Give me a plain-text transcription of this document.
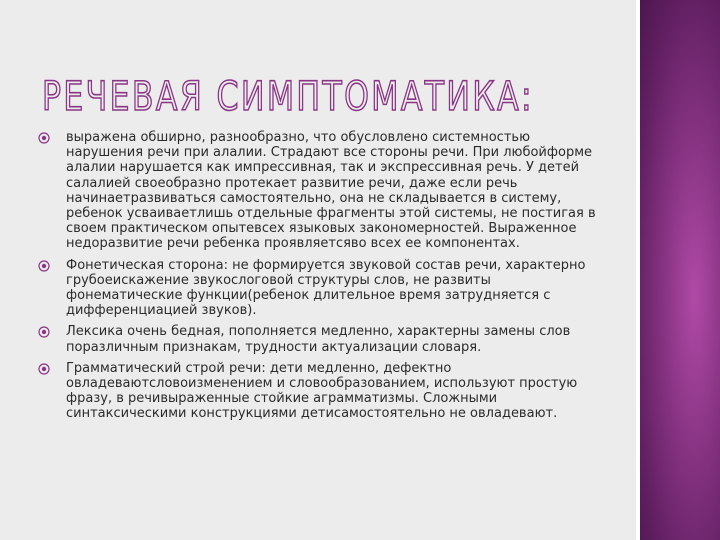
РЕЧЕВАЯ СИМПТОМАТИКА:
выражена обширно, разнообразно, что обусловлено системностью нарушения речи при алалии. Страдают все стороны речи. При любойформе алалии нарушается как импрессивная, так и экспрессивная речь. У детей салалией своеобразно протекает развитие речи, даже если речь начинаетразвиваться самостоятельно, она не складывается в систему, ребенок усваиваетлишь отдельные фрагменты этой системы, не постигая в своем практическом опытевсех языковых закономерностей. Выраженное недоразвитие речи ребенка проявляетсяво всех ее компонентах.
Фонетическая сторона: не формируется звуковой состав речи, характерно грубоеискажение звукослоговой структуры слов, не развиты фонематические функции(ребенок длительное время затрудняется с дифференциацией звуков).
Лексика очень бедная, пополняется медленно, характерны замены слов поразличным признакам, трудности актуализации словаря.
Грамматический строй речи: дети медленно, дефектно овладеваютсловоизменением и словообразованием, используют простую фразу, в речивыраженные стойкие аграмматизмы. Сложными синтаксическими конструкциями детисамостоятельно не овладевают.
